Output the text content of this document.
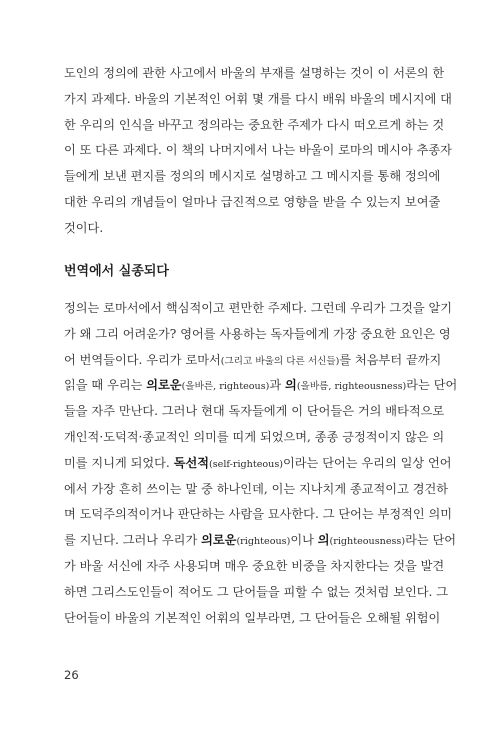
도인의 정의에 관한 사고에서 바울의 부재를 설명하는 것이 이 서론의 한
가지 과제다. 바울의 기본적인 어휘 몇 개를 다시 배워 바울의 메시지에 대
한 우리의 인식을 바꾸고 정의라는 중요한 주제가 다시 떠오르게 하는 것
이 또 다른 과제다. 이 책의 나머지에서 나는 바울이 로마의 메시아 추종자
들에게 보낸 편지를 정의의 메시지로 설명하고 그 메시지를 통해 정의에
대한 우리의 개념들이 얼마나 급진적으로 영향을 받을 수 있는지 보여줄
것이다.
번역에서 실종되다
정의는 로마서에서 핵심적이고 편만한 주제다. 그런데 우리가 그것을 알기
가 왜 그리 어려운가? 영어를 사용하는 독자들에게 가장 중요한 요인은 영
어 번역들이다. 우리가 로마서(그리고 바울의 다른 서신들)를 처음부터 끝까지
읽을 때 우리는 의로운(올바른, righteous)과 의(올바름, righteousness)라는 단어
들을 자주 만난다. 그러나 현대 독자들에게 이 단어들은 거의 배타적으로
개인적·도덕적·종교적인 의미를 띠게 되었으며, 종종 긍정적이지 않은 의
미를 지니게 되었다. 독선적(self-righteous)이라는 단어는 우리의 일상 언어
에서 가장 흔히 쓰이는 말 중 하나인데, 이는 지나치게 종교적이고 경건하
며 도덕주의적이거나 판단하는 사람을 묘사한다. 그 단어는 부정적인 의미
를 지닌다. 그러나 우리가 의로운(righteous)이나 의(righteousness)라는 단어
가 바울 서신에 자주 사용되며 매우 중요한 비중을 차지한다는 것을 발견
하면 그리스도인들이 적어도 그 단어들을 피할 수 없는 것처럼 보인다. 그
단어들이 바울의 기본적인 어휘의 일부라면, 그 단어들은 오해될 위험이
26
